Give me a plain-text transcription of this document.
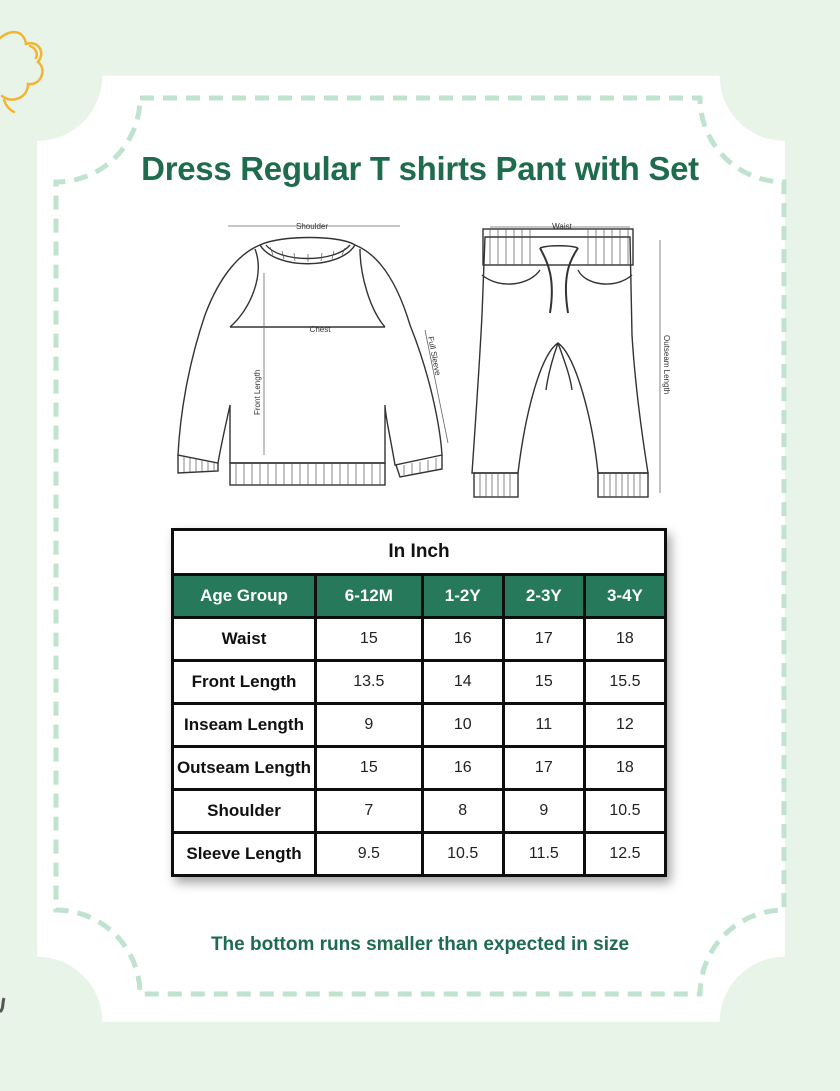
Dress Regular T shirts Pant with Set
Shoulder
Chest
Full Sleeve
Front Length
Waist
Outseam Length
In Inch				
Age Group	6-12M	1-2Y	2-3Y	3-4Y
Waist	15	16	17	18
Front Length	13.5	14	15	15.5
Inseam Length	9	10	11	12
Outseam Length	15	16	17	18
Shoulder	7	8	9	10.5
Sleeve Length	9.5	10.5	11.5	12.5

The bottom runs smaller than expected in size
